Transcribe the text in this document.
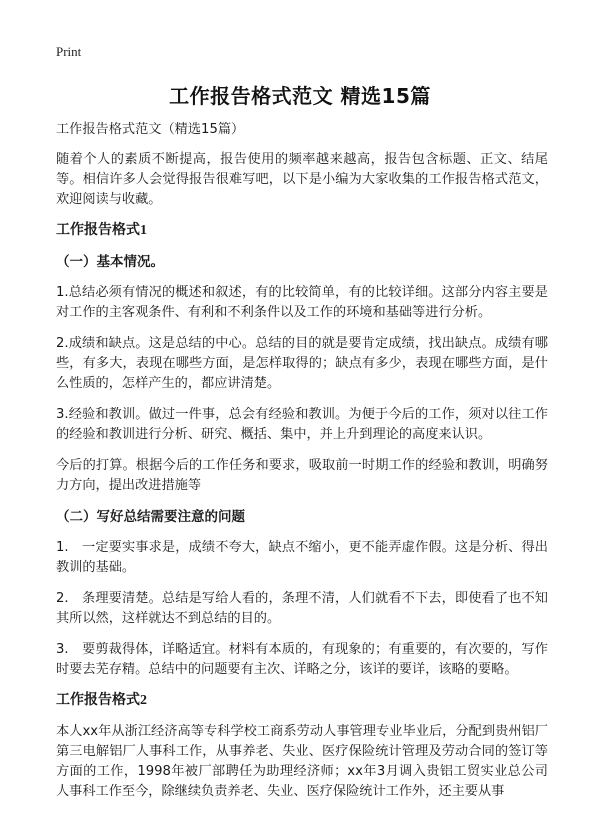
Print
工作报告格式范文 精选15篇

工作报告格式范文（精选15篇）

随着个人的素质不断提高，报告使用的频率越来越高，报告包含标题、正文、结尾等。相信许多人会觉得报告很难写吧，以下是小编为大家收集的工作报告格式范文，欢迎阅读与收藏。

工作报告格式1

（一）基本情况。

1.总结必须有情况的概述和叙述，有的比较简单，有的比较详细。这部分内容主要是对工作的主客观条件、有利和不利条件以及工作的环境和基础等进行分析。

2.成绩和缺点。这是总结的中心。总结的目的就是要肯定成绩，找出缺点。成绩有哪些，有多大，表现在哪些方面，是怎样取得的；缺点有多少，表现在哪些方面，是什么性质的，怎样产生的，都应讲清楚。

3.经验和教训。做过一件事，总会有经验和教训。为便于今后的工作，须对以往工作的经验和教训进行分析、研究、概括、集中，并上升到理论的高度来认识。

今后的打算。根据今后的工作任务和要求，吸取前一时期工作的经验和教训，明确努力方向，提出改进措施等

（二）写好总结需要注意的问题

1.　一定要实事求是，成绩不夸大，缺点不缩小，更不能弄虚作假。这是分析、得出教训的基础。

2.　条理要清楚。总结是写给人看的，条理不清，人们就看不下去，即使看了也不知其所以然，这样就达不到总结的目的。

3.　要剪裁得体，详略适宜。材料有本质的，有现象的；有重要的，有次要的，写作时要去芜存精。总结中的问题要有主次、详略之分，该详的要详，该略的要略。

工作报告格式2

本人xx年从浙江经济高等专科学校工商系劳动人事管理专业毕业后，分配到贵州铝厂第三电解铝厂人事科工作，从事养老、失业、医疗保险统计管理及劳动合同的签订等方面的工作，1998年被厂部聘任为助理经济师；xx年3月调入贵铝工贸实业总公司人事科工作至今，除继续负责养老、失业、医疗保险统计工作外，还主要从事
